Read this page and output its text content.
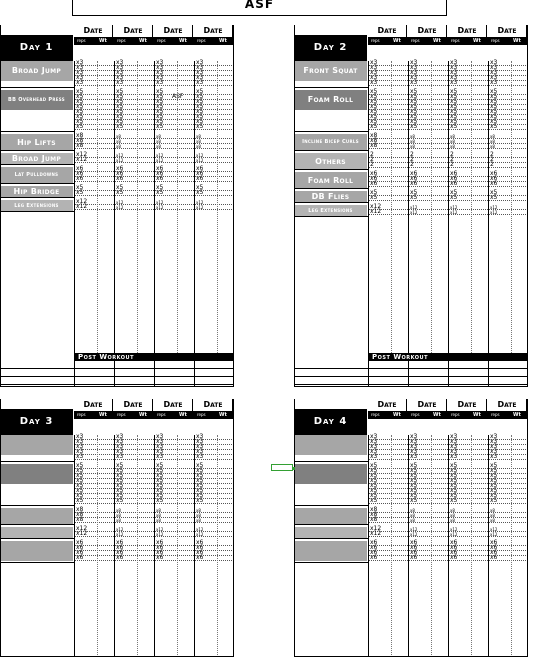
ASF
Date	Date	Date	Date
Day 1
reps	Wt	reps	Wt	reps	Wt	reps	Wt
Broad Jump
x3	x3	x3	x3
x3	x3	x3	x3
x3	x3	x3	x3
x3	x3	x3	x3
x3	x3	x3	x3
BB Overhead Press
x5	x5	x5	x5
x5	x5	x5	x5
ASF
x5	x5	x5	x5
x5	x5	x5	x5
x5	x5	x5	x5
x5	x5	x5	x5
x5	x5	x5	x5
x5	x5	x5	x5
Hip Lifts
x8	x8	x8	x8
x8	x8	x8	x8
x8	x8	x8	x8
Broad Jump	x12	x12	x12	x12
x12	x12	x12	x12
Lat Pulldowns
x6	x6	x6	x6
x6	x6	x6	x6
x6	x6	x6	x6
Hip Bridge	x5	x5	x5	x5
x5	x5	x5	x5
Leg Extensions
x12	x12	x12	x12
x12	x12	x12	x12
Post Workout
Date	Date	Date	Date
Day 2
reps	Wt	reps	Wt	reps	Wt	reps	Wt
Front Squat
x3	x3	x3	x3
x3	x3	x3	x3
x3	x3	x3	x3
x3	x3	x3	x3
x3	x3	x3	x3
Foam Roll
x5	x5	x5	x5
x5	x5	x5	x5
x5	x5	x5	x5
x5	x5	x5	x5
x5	x5	x5	x5
x5	x5	x5	x5
x5	x5	x5	x5
x5	x5	x5	x5
Incline Bicep Curls
x8	x8	x8	x8
x8	x8	x8	x8
x8	x8	x8	x8
Others
2	2	2	2
2	2	2	2
2	2	2	2
Foam Roll
x6	x6	x6	x6
x6	x6	x6	x6
x6	x6	x6	x6
DB Flies	x5	x5	x5	x5
x5	x5	x5	x5
Leg Extensions
x12	x12	x12	x12
x12	x12	x12	x12
Post Workout
Date	Date	Date	Date
Day 3
reps	Wt	reps	Wt	reps	Wt	reps	Wt
x3	x3	x3	x3
x3	x3	x3	x3
x3	x3	x3	x3
x3	x3	x3	x3
x3	x3	x3	x3
x5	x5	x5	x5
x5	x5	x5	x5
x5	x5	x5	x5
x5	x5	x5	x5
x5	x5	x5	x5
x5	x5	x5	x5
x5	x5	x5	x5
x5	x5	x5	x5
x8	x8	x8	x8
x8	x8	x8	x8
x8	x8	x8	x8
x12	x12	x12	x12
x12	x12	x12	x12
x6	x6	x6	x6
x6	x6	x6	x6
x6	x6	x6	x6
x6	x6	x6	x6
Date	Date	Date	Date
Day 4
reps	Wt	reps	Wt	reps	Wt	reps	Wt
x3	x3	x3	x3
x3	x3	x3	x3
x3	x3	x3	x3
x3	x3	x3	x3
x3	x3	x3	x3
x5	x5	x5	x5
x5	x5	x5	x5
x5	x5	x5	x5
x5	x5	x5	x5
x5	x5	x5	x5
x5	x5	x5	x5
x5	x5	x5	x5
x5	x5	x5	x5
x8	x8	x8	x8
x8	x8	x8	x8
x8	x8	x8	x8
x12	x12	x12	x12
x12	x12	x12	x12
x6	x6	x6	x6
x6	x6	x6	x6
x6	x6	x6	x6
x6	x6	x6	x6
